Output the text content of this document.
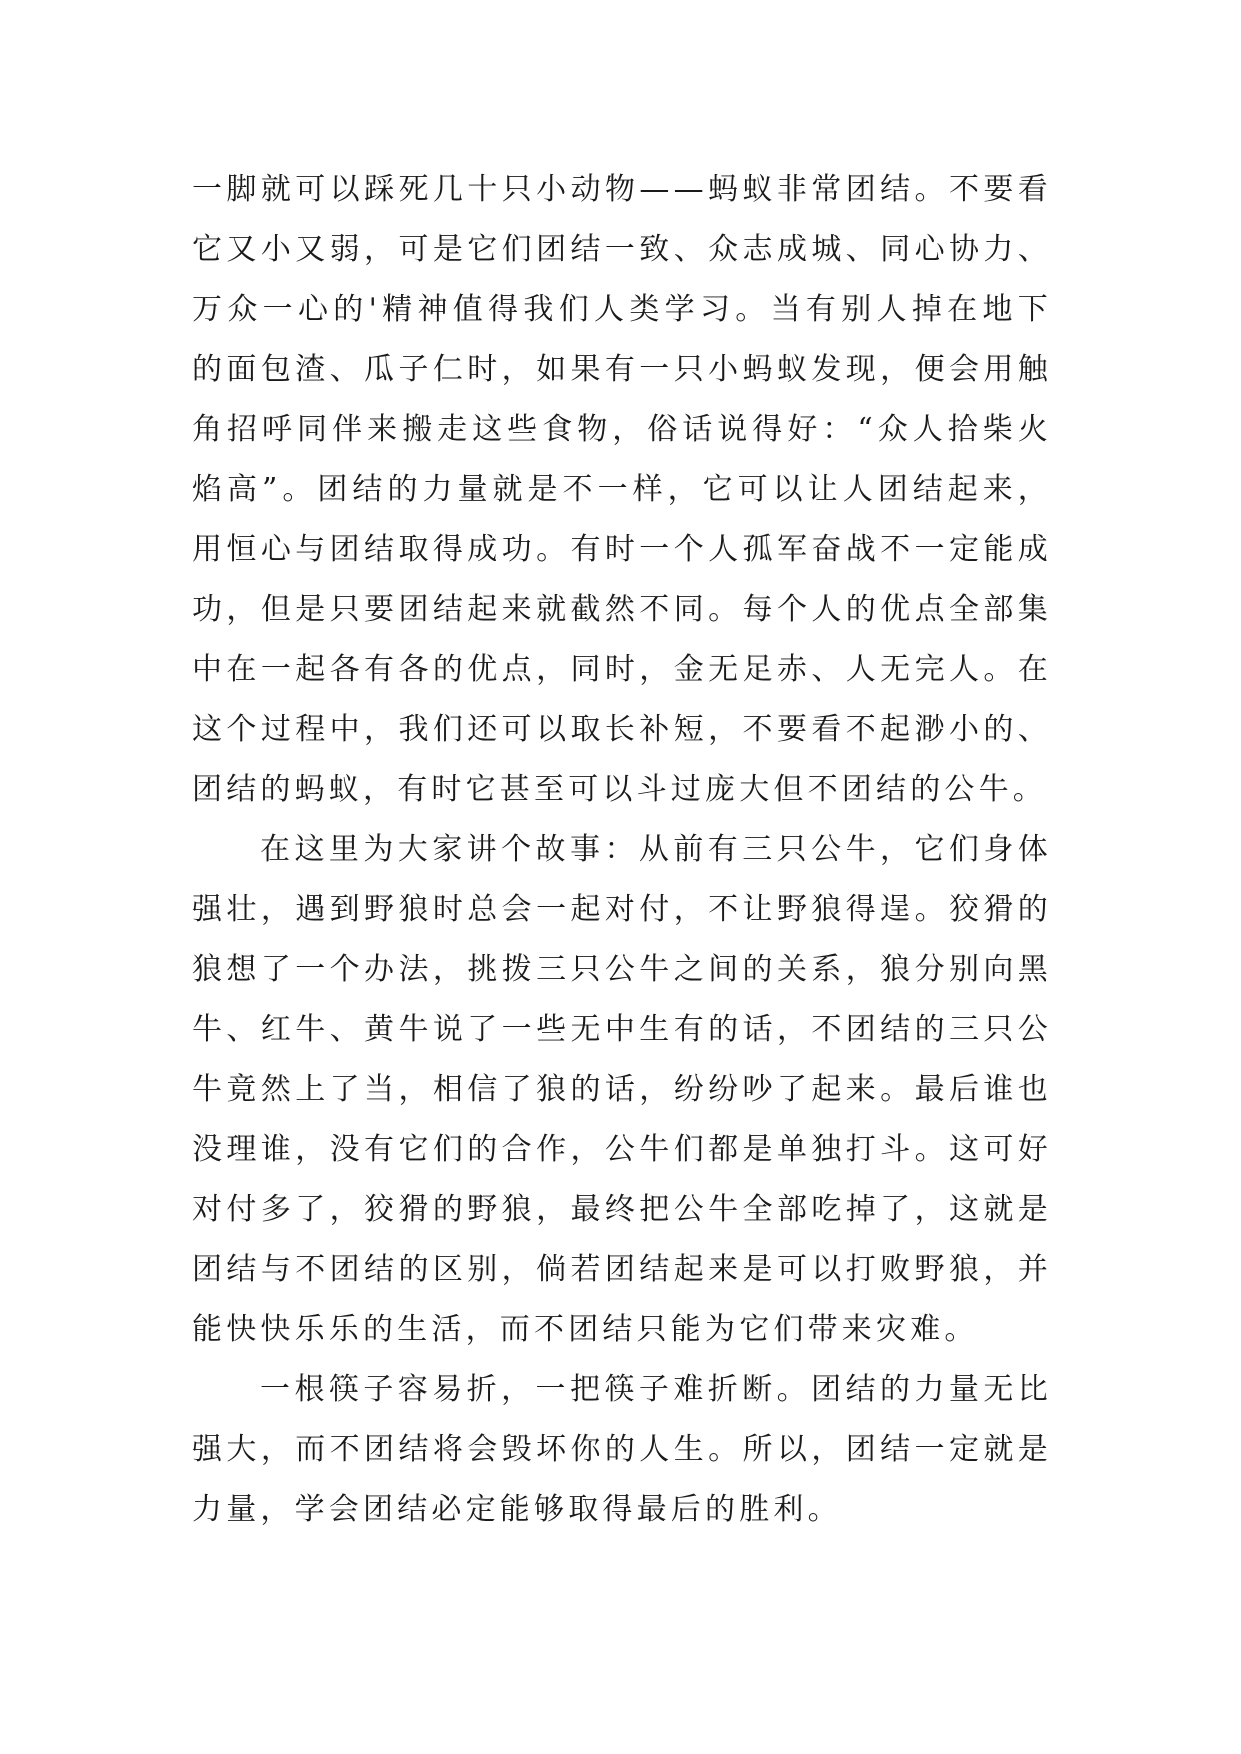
一脚就可以踩死几十只小动物——蚂蚁非常团结。不要看它又小又弱，可是它们团结一致、众志成城、同心协力、万众一心的'精神值得我们人类学习。当有别人掉在地下的面包渣、瓜子仁时，如果有一只小蚂蚁发现，便会用触角招呼同伴来搬走这些食物，俗话说得好：“众人拾柴火焰高”。团结的力量就是不一样，它可以让人团结起来，用恒心与团结取得成功。有时一个人孤军奋战不一定能成功，但是只要团结起来就截然不同。每个人的优点全部集中在一起各有各的优点，同时，金无足赤、人无完人。在这个过程中，我们还可以取长补短，不要看不起渺小的、团结的蚂蚁，有时它甚至可以斗过庞大但不团结的公牛。

在这里为大家讲个故事：从前有三只公牛，它们身体强壮，遇到野狼时总会一起对付，不让野狼得逞。狡猾的狼想了一个办法，挑拨三只公牛之间的关系，狼分别向黑牛、红牛、黄牛说了一些无中生有的话，不团结的三只公牛竟然上了当，相信了狼的话，纷纷吵了起来。最后谁也没理谁，没有它们的合作，公牛们都是单独打斗。这可好对付多了，狡猾的野狼，最终把公牛全部吃掉了，这就是团结与不团结的区别，倘若团结起来是可以打败野狼，并能快快乐乐的生活，而不团结只能为它们带来灾难。

一根筷子容易折，一把筷子难折断。团结的力量无比强大，而不团结将会毁坏你的人生。所以，团结一定就是力量，学会团结必定能够取得最后的胜利。
